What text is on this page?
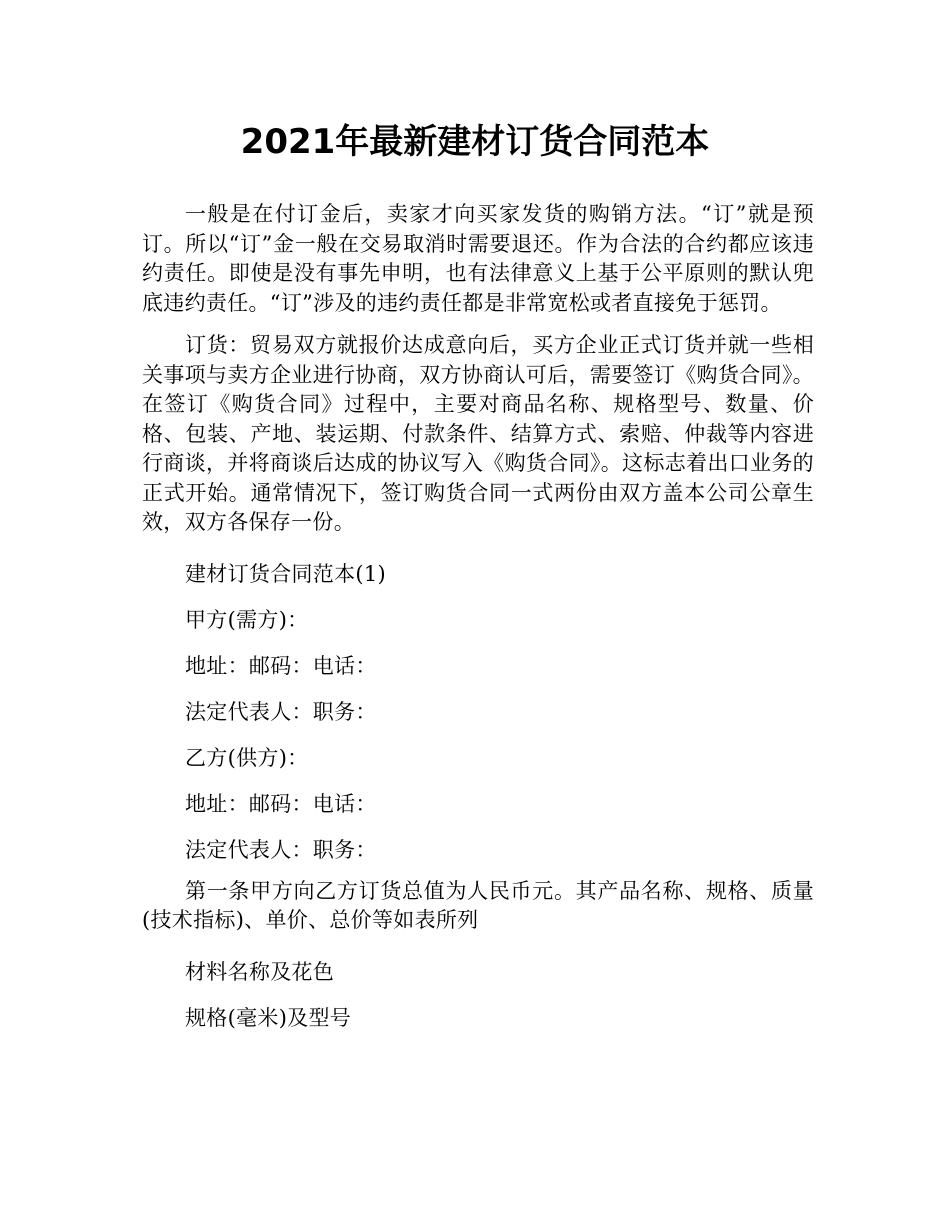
2021年最新建材订货合同范本

一般是在付订金后，卖家才向买家发货的购销方法。“订”就是预订。所以“订”金一般在交易取消时需要退还。作为合法的合约都应该违约责任。即使是没有事先申明，也有法律意义上基于公平原则的默认兜底违约责任。“订”涉及的违约责任都是非常宽松或者直接免于惩罚。

订货：贸易双方就报价达成意向后，买方企业正式订货并就一些相关事项与卖方企业进行协商，双方协商认可后，需要签订《购货合同》。在签订《购货合同》过程中，主要对商品名称、规格型号、数量、价格、包装、产地、装运期、付款条件、结算方式、索赔、仲裁等内容进行商谈，并将商谈后达成的协议写入《购货合同》。这标志着出口业务的正式开始。通常情况下，签订购货合同一式两份由双方盖本公司公章生效，双方各保存一份。

建材订货合同范本(1)

甲方(需方)：

地址：邮码：电话：

法定代表人：职务：

乙方(供方)：

地址：邮码：电话：

法定代表人：职务：

第一条甲方向乙方订货总值为人民币元。其产品名称、规格、质量(技术指标)、单价、总价等如表所列

材料名称及花色

规格(毫米)及型号
